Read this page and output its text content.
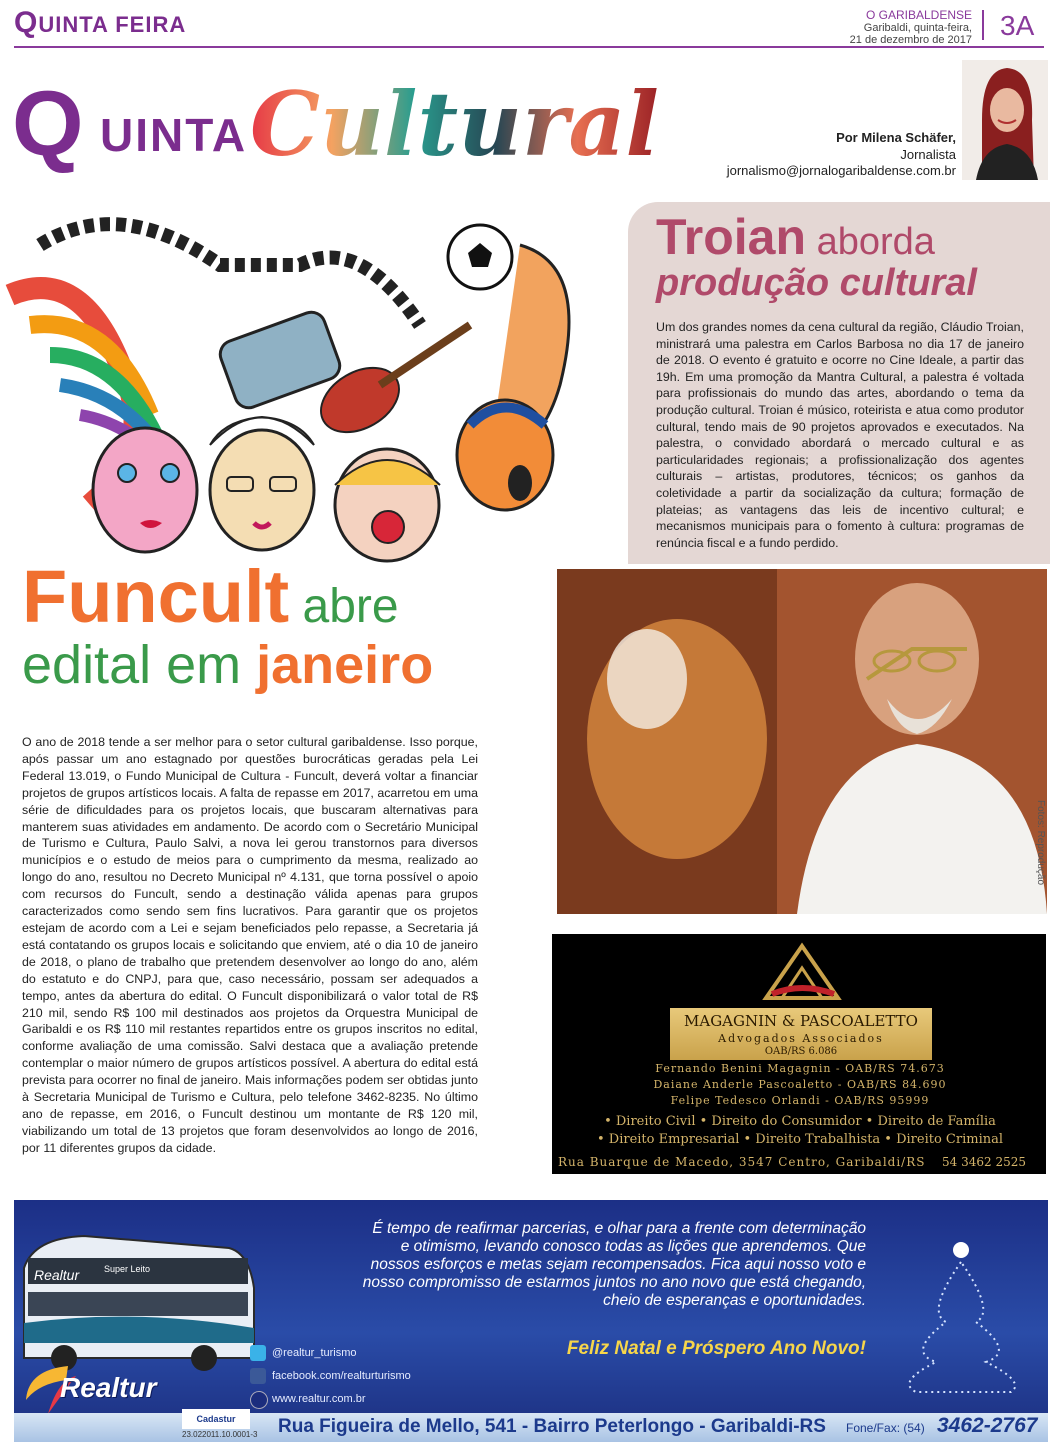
QUINTA FEIRA	O GARIBALDENSE
Garibaldi, quinta-feira,
21 de dezembro de 2017 3A
Q UINTA Cultural	Por Milena Schäfer,
Jornalista
jornalismo@jornalogaribaldense.com.br
Troian aborda
produção cultural
Um dos grandes nomes da cena cultural da região, Cláudio Troian, ministrará uma palestra em Carlos Barbosa no dia 17 de janeiro de 2018. O evento é gratuito e ocorre no Cine Ideale, a partir das 19h. Em uma promoção da Mantra Cultural, a palestra é voltada para profissionais do mundo das artes, abordando o tema da produção cultural. Troian é músico, roteirista e atua como produtor cultural, tendo mais de 90 projetos aprovados e executados. Na palestra, o convidado abordará o mercado cultural e as particularidades regionais; a profissionalização dos agentes culturais – artistas, produtores, técnicos; os ganhos da coletividade a partir da socialização da cultura; formação de plateias; as vantagens das leis de incentivo cultural; e mecanismos municipais para o fomento à cultura: programas de renúncia fiscal e a fundo perdido.
Fotos: Reprodução
Funcult abre
edital em janeiro
O ano de 2018 tende a ser melhor para o setor cultural garibaldense. Isso porque, após passar um ano estagnado por questões burocráticas geradas pela Lei Federal 13.019, o Fundo Municipal de Cultura - Funcult, deverá voltar a financiar projetos de grupos artísticos locais. A falta de repasse em 2017, acarretou em uma série de dificuldades para os projetos locais, que buscaram alternativas para manterem suas atividades em andamento. De acordo com o Secretário Municipal de Turismo e Cultura, Paulo Salvi, a nova lei gerou transtornos para diversos municípios e o estudo de meios para o cumprimento da mesma, realizado ao longo do ano, resultou no Decreto Municipal nº 4.131, que torna possível o apoio com recursos do Funcult, sendo a destinação válida apenas para grupos caracterizados como sendo sem fins lucrativos. Para garantir que os projetos estejam de acordo com a Lei e sejam beneficiados pelo repasse, a Secretaria já está contatando os grupos locais e solicitando que enviem, até o dia 10 de janeiro de 2018, o plano de trabalho que pretendem desenvolver ao longo do ano, além do estatuto e do CNPJ, para que, caso necessário, possam ser adequados a tempo, antes da abertura do edital. O Funcult disponibilizará o valor total de R$ 210 mil, sendo R$ 100 mil destinados aos projetos da Orquestra Municipal de Garibaldi e os R$ 110 mil restantes repartidos entre os grupos inscritos no edital, conforme avaliação de uma comissão. Salvi destaca que a avaliação pretende contemplar o maior número de grupos artísticos possível. A abertura do edital está prevista para ocorrer no final de janeiro. Mais informações podem ser obtidas junto à Secretaria Municipal de Turismo e Cultura, pelo telefone 3462-8235. No último ano de repasse, em 2016, o Funcult destinou um montante de R$ 120 mil, viabilizando um total de 13 projetos que foram desenvolvidos ao longo de 2016, por 11 diferentes grupos da cidade.
MAGAGNIN & PASCOALETTO
Advogados Associados
OAB/RS 6.086
Fernando Benini Magagnin - OAB/RS 74.673
Daiane Anderle Pascoaletto - OAB/RS 84.690
Felipe Tedesco Orlandi - OAB/RS 95999
• Direito Civil • Direito do Consumidor • Direito de Família
• Direito Empresarial • Direito Trabalhista • Direito Criminal
Rua Buarque de Macedo, 3547 Centro, Garibaldi/RS 54 3462 2525
Realtur	Super Leito
É tempo de reafirmar parcerias, e olhar para a frente com determinação e otimismo, levando conosco todas as lições que aprendemos. Que nossos esforços e metas sejam recompensados. Fica aqui nosso voto e nosso compromisso de estarmos juntos no ano novo que está chegando, cheio de esperanças e oportunidades.
Feliz Natal e Próspero Ano Novo!
@realtur_turismo
facebook.com/realturturismo
www.realtur.com.br
Realtur
Cadastur
23.022011.10.0001-3 Rua Figueira de Mello, 541 - Bairro Peterlongo - Garibaldi-RS Fone/Fax: (54) 3462-2767
